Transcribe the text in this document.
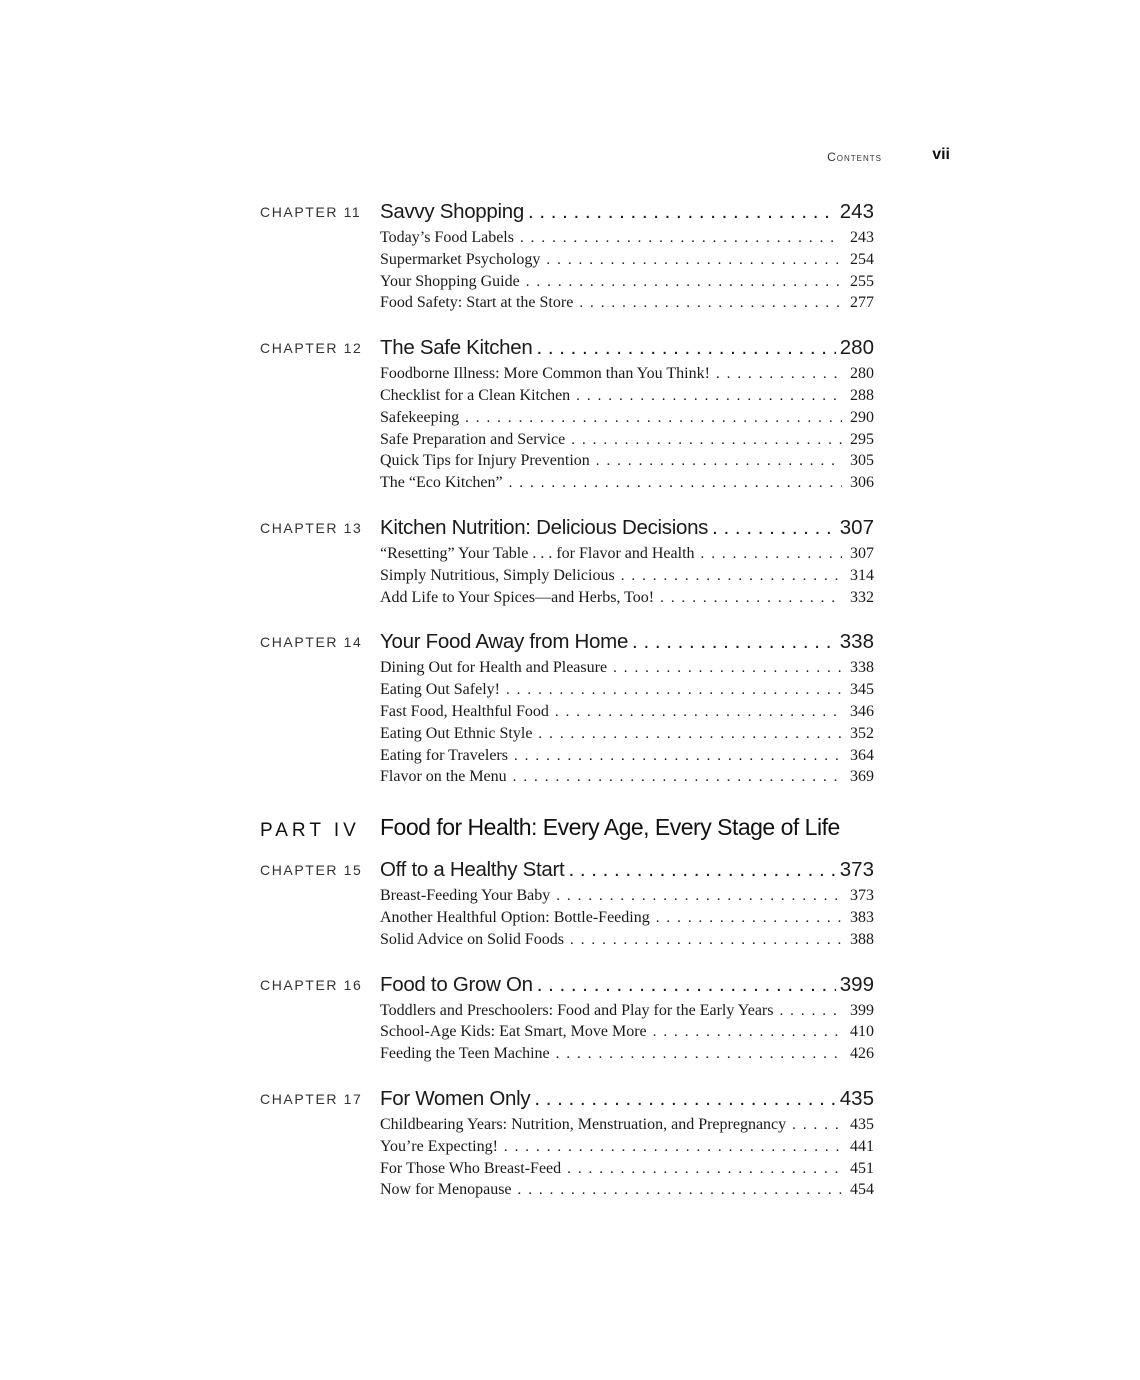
Contents	vii
CHAPTER 11 Savvy Shopping . . .	243
Today’s Food Labels . . .	243
Supermarket Psychology . . .	254
Your Shopping Guide . . .	255
Food Safety: Start at the Store . . .	277
CHAPTER 12 The Safe Kitchen . . .	280
Foodborne Illness: More Common than You Think! . . .	280
Checklist for a Clean Kitchen . . .	288
Safekeeping . . .	290
Safe Preparation and Service . . .	295
Quick Tips for Injury Prevention . . .	305
The “Eco Kitchen” . . .	306
CHAPTER 13 Kitchen Nutrition: Delicious Decisions . . .	307
“Resetting” Your Table . . . for Flavor and Health . . .	307
Simply Nutritious, Simply Delicious . . .	314
Add Life to Your Spices—and Herbs, Too! . . .	332
CHAPTER 14 Your Food Away from Home . . .	338
Dining Out for Health and Pleasure . . .	338
Eating Out Safely! . . .	345
Fast Food, Healthful Food . . .	346
Eating Out Ethnic Style . . .	352
Eating for Travelers . . .	364
Flavor on the Menu . . .	369
PART IV Food for Health: Every Age, Every Stage of Life
CHAPTER 15 Off to a Healthy Start . . .	373
Breast-Feeding Your Baby . . .	373
Another Healthful Option: Bottle-Feeding . . .	383
Solid Advice on Solid Foods . . .	388
CHAPTER 16 Food to Grow On . . .	399
Toddlers and Preschoolers: Food and Play for the Early Years . . .	399
School-Age Kids: Eat Smart, Move More . . .	410
Feeding the Teen Machine . . .	426
CHAPTER 17 For Women Only . . .	435
Childbearing Years: Nutrition, Menstruation, and Prepregnancy . . .	435
You’re Expecting! . . .	441
For Those Who Breast-Feed . . .	451
Now for Menopause . . .	454
